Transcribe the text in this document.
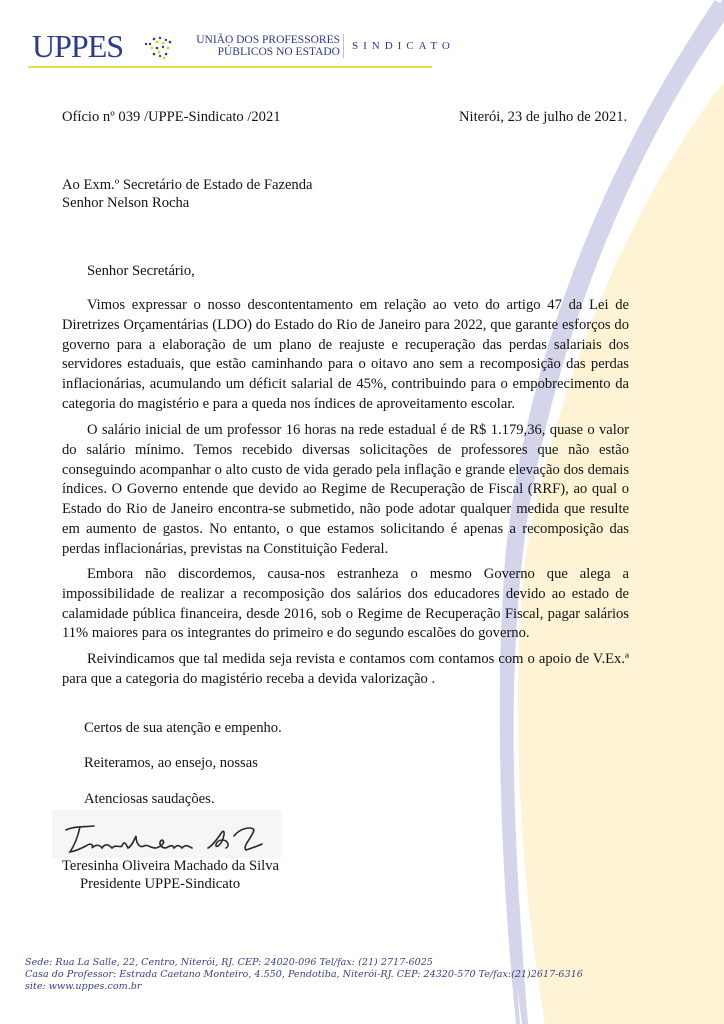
UPPES	UNIÃO DOS PROFESSORES
PÚBLICOS NO ESTADO SINDICATO
Ofício nº 039 /UPPE-Sindicato /2021	Niterói, 23 de julho de 2021.
Ao Exm.º Secretário de Estado de Fazenda
Senhor Nelson Rocha
Senhor Secretário,
Vimos expressar o nosso descontentamento em relação ao veto do artigo 47 da Lei de Diretrizes Orçamentárias (LDO) do Estado do Rio de Janeiro para 2022, que garante esforços do governo para a elaboração de um plano de reajuste e recuperação das perdas salariais dos servidores estaduais, que estão caminhando para o oitavo ano sem a recomposição das perdas inflacionárias, acumulando um déficit salarial de 45%, contribuindo para o empobrecimento da categoria do magistério e para a queda nos índices de aproveitamento escolar.
O salário inicial de um professor 16 horas na rede estadual é de R$ 1.179,36, quase o valor do salário mínimo. Temos recebido diversas solicitações de professores que não estão conseguindo acompanhar o alto custo de vida gerado pela inflação e grande elevação dos demais índices. O Governo entende que devido ao Regime de Recuperação de Fiscal (RRF), ao qual o Estado do Rio de Janeiro encontra-se submetido, não pode adotar qualquer medida que resulte em aumento de gastos. No entanto, o que estamos solicitando é apenas a recomposição das perdas inflacionárias, previstas na Constituição Federal.
Embora não discordemos, causa-nos estranheza o mesmo Governo que alega a impossibilidade de realizar a recomposição dos salários dos educadores devido ao estado de calamidade pública financeira, desde 2016, sob o Regime de Recuperação Fiscal, pagar salários 11% maiores para os integrantes do primeiro e do segundo escalões do governo.
Reivindicamos que tal medida seja revista e contamos com contamos com o apoio de V.Ex.ª para que a categoria do magistério receba a devida valorização .
Certos de sua atenção e empenho.
Reiteramos, ao ensejo, nossas
Atenciosas saudações.
Teresinha Oliveira Machado da Silva
Presidente UPPE-Sindicato
Sede: Rua La Salle, 22, Centro, Niterói, RJ. CEP: 24020-096 Tel/fax: (21) 2717-6025
Casa do Professor: Estrada Caetano Monteiro, 4.550, Pendotiba, Niterói-RJ. CEP: 24320-570 Te/fax:(21)2617-6316
site: www.uppes.com.br
